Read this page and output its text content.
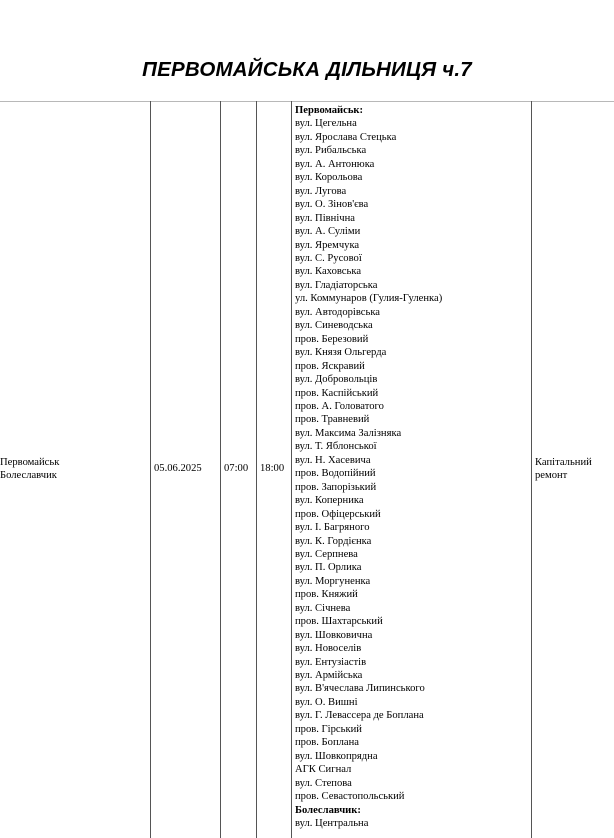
ПЕРВОМАЙСЬКА ДІЛЬНИЦЯ ч.7
Первомайськ
Болеславчик
05.06.2025 07:00 18:00
Капітальний
ремонт
Первомайськ:
вул. Цегельна
вул. Ярослава Стецька
вул. Рибальська
вул. А. Антонюка
вул. Корольова
вул. Лугова
вул. О. Зінов'єва
вул. Північна
вул. А. Суліми
вул. Яремчука
вул. С. Русової
вул. Каховська
вул. Гладіаторська
ул. Коммунаров (Гулия-Гуленка)
вул. Автодорівська
вул. Синеводська
пров. Березовий
вул. Князя Ольгерда
пров. Яскравий
вул. Добровольців
пров. Каспійський
пров. А. Головатого
пров. Травневий
вул. Максима Залізняка
вул. Т. Яблонської
вул. Н. Хасевича
пров. Водопійний
пров. Запорізький
вул. Коперника
пров. Офіцерський
вул. І. Багряного
вул. К. Гордієнка
вул. Серпнева
вул. П. Орлика
вул. Моргуненка
пров. Княжий
вул. Січнева
пров. Шахтарський
вул. Шовковична
вул. Новоселів
вул. Ентузіастів
вул. Армійська
вул. В'ячеслава Липинського
вул. О. Вишні
вул. Г. Левассера де Боплана
пров. Гірський
пров. Боплана
вул. Шовкопрядна
АГК Сигнал
вул. Степова
пров. Севастопольський
Болеславчик:
вул. Центральна
